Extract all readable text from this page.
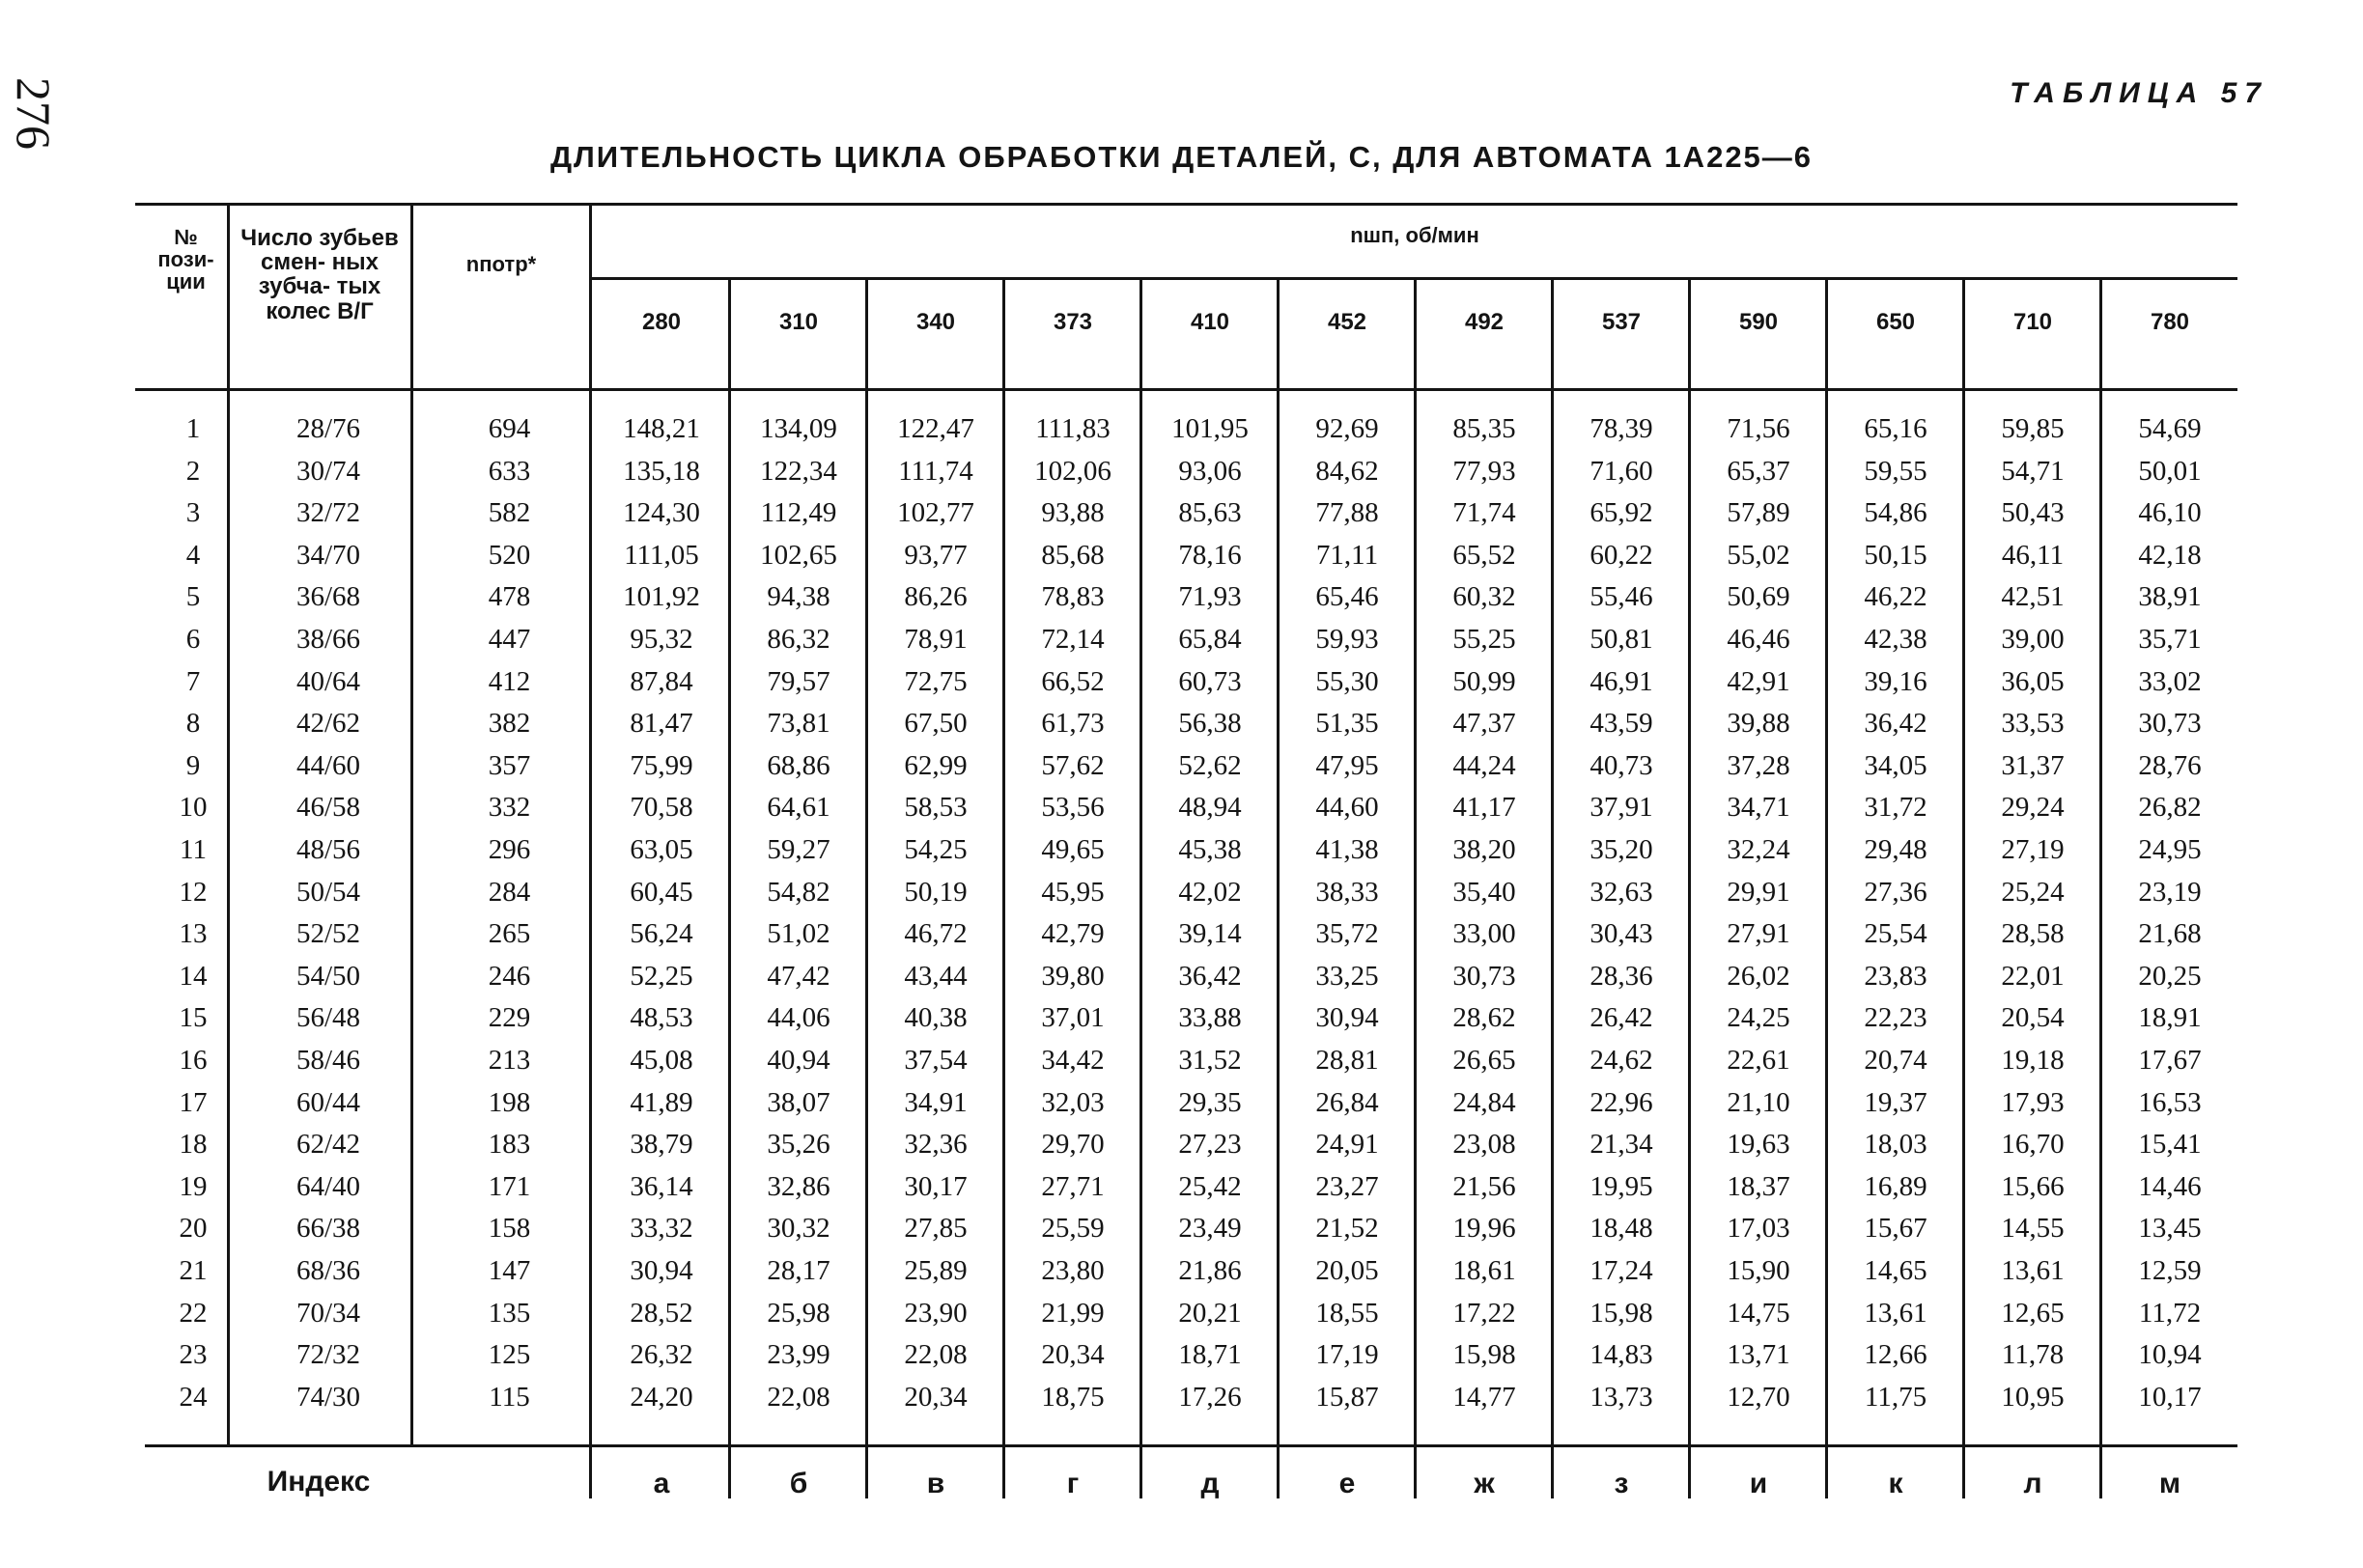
276	ТАБЛИЦА 57
ДЛИТЕЛЬНОСТЬ ЦИКЛА ОБРАБОТКИ ДЕТАЛЕЙ, С, ДЛЯ АВТОМАТА 1А225—6
№ пози- ции
Число зубьев смен- ных зубча- тых колес В/Г
nпотр*
nшп, об/мин
280	310	340	373	410	452	492	537	590	650	710	780
1	28/76	694	148,21	134,09	122,47	111,83	101,95	92,69	85,35	78,39	71,56	65,16	59,85	54,69
2	30/74	633	135,18	122,34	111,74	102,06	93,06	84,62	77,93	71,60	65,37	59,55	54,71	50,01
3	32/72	582	124,30	112,49	102,77	93,88	85,63	77,88	71,74	65,92	57,89	54,86	50,43	46,10
4	34/70	520	111,05	102,65	93,77	85,68	78,16	71,11	65,52	60,22	55,02	50,15	46,11	42,18
5	36/68	478	101,92	94,38	86,26	78,83	71,93	65,46	60,32	55,46	50,69	46,22	42,51	38,91
6	38/66	447	95,32	86,32	78,91	72,14	65,84	59,93	55,25	50,81	46,46	42,38	39,00	35,71
7	40/64	412	87,84	79,57	72,75	66,52	60,73	55,30	50,99	46,91	42,91	39,16	36,05	33,02
8	42/62	382	81,47	73,81	67,50	61,73	56,38	51,35	47,37	43,59	39,88	36,42	33,53	30,73
9	44/60	357	75,99	68,86	62,99	57,62	52,62	47,95	44,24	40,73	37,28	34,05	31,37	28,76
10	46/58	332	70,58	64,61	58,53	53,56	48,94	44,60	41,17	37,91	34,71	31,72	29,24	26,82
11	48/56	296	63,05	59,27	54,25	49,65	45,38	41,38	38,20	35,20	32,24	29,48	27,19	24,95
12	50/54	284	60,45	54,82	50,19	45,95	42,02	38,33	35,40	32,63	29,91	27,36	25,24	23,19
13	52/52	265	56,24	51,02	46,72	42,79	39,14	35,72	33,00	30,43	27,91	25,54	28,58	21,68
14	54/50	246	52,25	47,42	43,44	39,80	36,42	33,25	30,73	28,36	26,02	23,83	22,01	20,25
15	56/48	229	48,53	44,06	40,38	37,01	33,88	30,94	28,62	26,42	24,25	22,23	20,54	18,91
16	58/46	213	45,08	40,94	37,54	34,42	31,52	28,81	26,65	24,62	22,61	20,74	19,18	17,67
17	60/44	198	41,89	38,07	34,91	32,03	29,35	26,84	24,84	22,96	21,10	19,37	17,93	16,53
18	62/42	183	38,79	35,26	32,36	29,70	27,23	24,91	23,08	21,34	19,63	18,03	16,70	15,41
19	64/40	171	36,14	32,86	30,17	27,71	25,42	23,27	21,56	19,95	18,37	16,89	15,66	14,46
20	66/38	158	33,32	30,32	27,85	25,59	23,49	21,52	19,96	18,48	17,03	15,67	14,55	13,45
21	68/36	147	30,94	28,17	25,89	23,80	21,86	20,05	18,61	17,24	15,90	14,65	13,61	12,59
22	70/34	135	28,52	25,98	23,90	21,99	20,21	18,55	17,22	15,98	14,75	13,61	12,65	11,72
23	72/32	125	26,32	23,99	22,08	20,34	18,71	17,19	15,98	14,83	13,71	12,66	11,78	10,94
24	74/30	115	24,20	22,08	20,34	18,75	17,26	15,87	14,77	13,73	12,70	11,75	10,95	10,17
Индекс	а	б	в	г	д	е	ж	з	и	к	л	м
